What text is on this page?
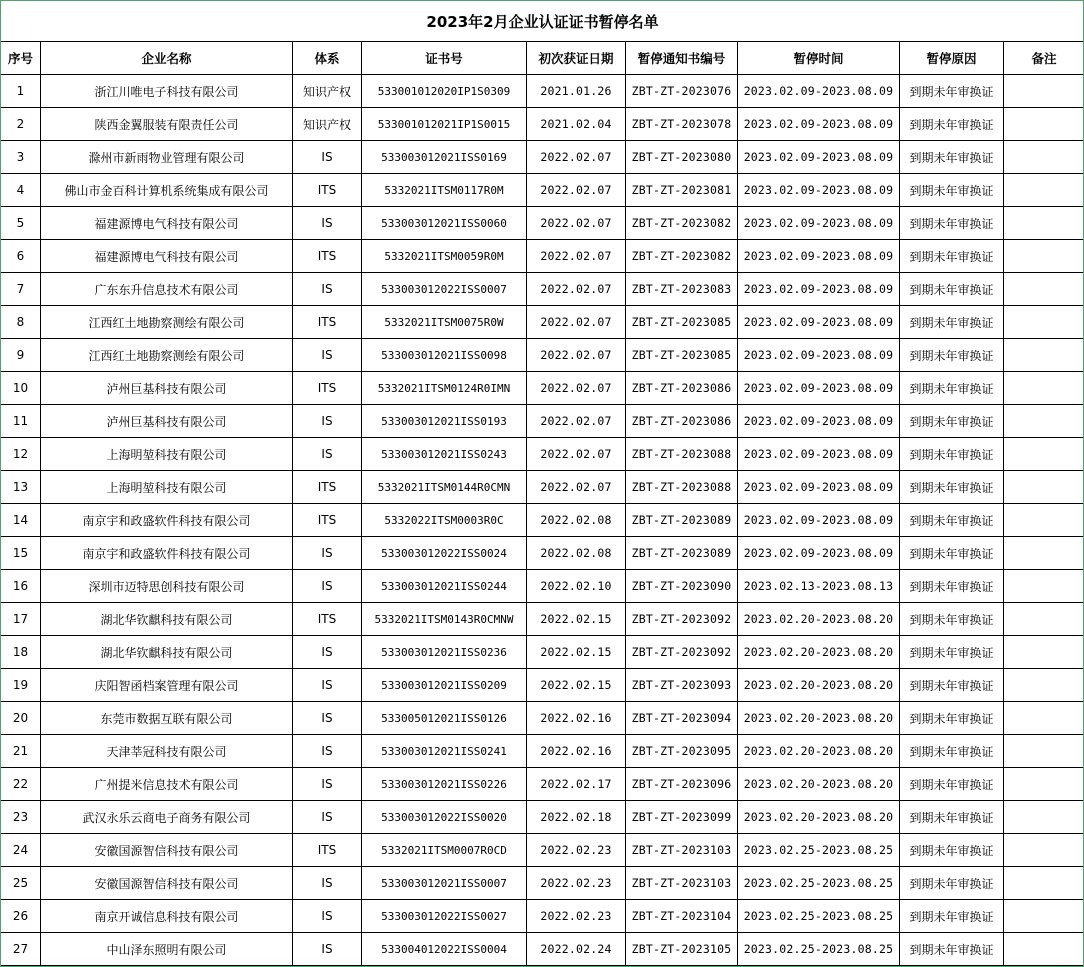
2023年2月企业认证证书暂停名单								
序号	企业名称	体系	证书号	初次获证日期	暂停通知书编号	暂停时间	暂停原因	备注
1	浙江川唯电子科技有限公司	知识产权	533001012020IP1S0309	2021.01.26	ZBT-ZT-2023076	2023.02.09-2023.08.09	到期未年审换证	
2	陕西金翼服装有限责任公司	知识产权	533001012021IP1S0015	2021.02.04	ZBT-ZT-2023078	2023.02.09-2023.08.09	到期未年审换证	
3	滁州市新雨物业管理有限公司	IS	533003012021ISS0169	2022.02.07	ZBT-ZT-2023080	2023.02.09-2023.08.09	到期未年审换证	
4	佛山市金百科计算机系统集成有限公司	ITS	5332021ITSM0117R0M	2022.02.07	ZBT-ZT-2023081	2023.02.09-2023.08.09	到期未年审换证	
5	福建源博电气科技有限公司	IS	533003012021ISS0060	2022.02.07	ZBT-ZT-2023082	2023.02.09-2023.08.09	到期未年审换证	
6	福建源博电气科技有限公司	ITS	5332021ITSM0059R0M	2022.02.07	ZBT-ZT-2023082	2023.02.09-2023.08.09	到期未年审换证	
7	广东东升信息技术有限公司	IS	533003012022ISS0007	2022.02.07	ZBT-ZT-2023083	2023.02.09-2023.08.09	到期未年审换证	
8	江西红土地勘察测绘有限公司	ITS	5332021ITSM0075R0W	2022.02.07	ZBT-ZT-2023085	2023.02.09-2023.08.09	到期未年审换证	
9	江西红土地勘察测绘有限公司	IS	533003012021ISS0098	2022.02.07	ZBT-ZT-2023085	2023.02.09-2023.08.09	到期未年审换证	
10	泸州巨基科技有限公司	ITS	5332021ITSM0124R0IMN	2022.02.07	ZBT-ZT-2023086	2023.02.09-2023.08.09	到期未年审换证	
11	泸州巨基科技有限公司	IS	533003012021ISS0193	2022.02.07	ZBT-ZT-2023086	2023.02.09-2023.08.09	到期未年审换证	
12	上海明堃科技有限公司	IS	533003012021ISS0243	2022.02.07	ZBT-ZT-2023088	2023.02.09-2023.08.09	到期未年审换证	
13	上海明堃科技有限公司	ITS	5332021ITSM0144R0CMN	2022.02.07	ZBT-ZT-2023088	2023.02.09-2023.08.09	到期未年审换证	
14	南京宇和政盛软件科技有限公司	ITS	5332022ITSM0003R0C	2022.02.08	ZBT-ZT-2023089	2023.02.09-2023.08.09	到期未年审换证	
15	南京宇和政盛软件科技有限公司	IS	533003012022ISS0024	2022.02.08	ZBT-ZT-2023089	2023.02.09-2023.08.09	到期未年审换证	
16	深圳市迈特思创科技有限公司	IS	533003012021ISS0244	2022.02.10	ZBT-ZT-2023090	2023.02.13-2023.08.13	到期未年审换证	
17	湖北华钦麒科技有限公司	ITS	5332021ITSM0143R0CMNW	2022.02.15	ZBT-ZT-2023092	2023.02.20-2023.08.20	到期未年审换证	
18	湖北华钦麒科技有限公司	IS	533003012021ISS0236	2022.02.15	ZBT-ZT-2023092	2023.02.20-2023.08.20	到期未年审换证	
19	庆阳智函档案管理有限公司	IS	533003012021ISS0209	2022.02.15	ZBT-ZT-2023093	2023.02.20-2023.08.20	到期未年审换证	
20	东莞市数据互联有限公司	IS	533005012021ISS0126	2022.02.16	ZBT-ZT-2023094	2023.02.20-2023.08.20	到期未年审换证	
21	天津莘冠科技有限公司	IS	533003012021ISS0241	2022.02.16	ZBT-ZT-2023095	2023.02.20-2023.08.20	到期未年审换证	
22	广州提米信息技术有限公司	IS	533003012021ISS0226	2022.02.17	ZBT-ZT-2023096	2023.02.20-2023.08.20	到期未年审换证	
23	武汉永乐云商电子商务有限公司	IS	533003012022ISS0020	2022.02.18	ZBT-ZT-2023099	2023.02.20-2023.08.20	到期未年审换证	
24	安徽国源智信科技有限公司	ITS	5332021ITSM0007R0CD	2022.02.23	ZBT-ZT-2023103	2023.02.25-2023.08.25	到期未年审换证	
25	安徽国源智信科技有限公司	IS	533003012021ISS0007	2022.02.23	ZBT-ZT-2023103	2023.02.25-2023.08.25	到期未年审换证	
26	南京开诚信息科技有限公司	IS	533003012022ISS0027	2022.02.23	ZBT-ZT-2023104	2023.02.25-2023.08.25	到期未年审换证	
27	中山泽东照明有限公司	IS	533004012022ISS0004	2022.02.24	ZBT-ZT-2023105	2023.02.25-2023.08.25	到期未年审换证	
